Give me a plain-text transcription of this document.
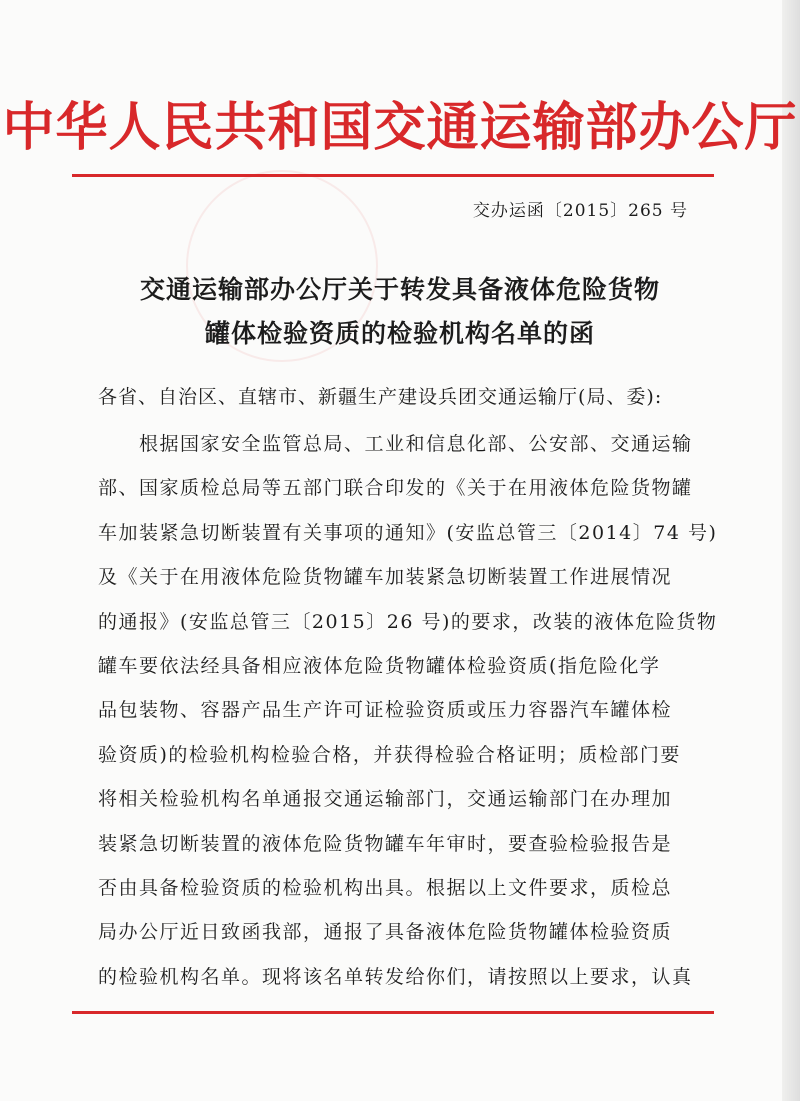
中华人民共和国交通运输部办公厅
交办运函〔2015〕265 号
交通运输部办公厅关于转发具备液体危险货物
罐体检验资质的检验机构名单的函
各省、自治区、直辖市、新疆生产建设兵团交通运输厅(局、委):
　　根据国家安全监管总局、工业和信息化部、公安部、交通运输
部、国家质检总局等五部门联合印发的《关于在用液体危险货物罐
车加装紧急切断装置有关事项的通知》(安监总管三〔2014〕74 号)
及《关于在用液体危险货物罐车加装紧急切断装置工作进展情况
的通报》(安监总管三〔2015〕26 号)的要求，改装的液体危险货物
罐车要依法经具备相应液体危险货物罐体检验资质(指危险化学
品包装物、容器产品生产许可证检验资质或压力容器汽车罐体检
验资质)的检验机构检验合格，并获得检验合格证明；质检部门要
将相关检验机构名单通报交通运输部门，交通运输部门在办理加
装紧急切断装置的液体危险货物罐车年审时，要查验检验报告是
否由具备检验资质的检验机构出具。根据以上文件要求，质检总
局办公厅近日致函我部，通报了具备液体危险货物罐体检验资质
的检验机构名单。现将该名单转发给你们，请按照以上要求，认真
